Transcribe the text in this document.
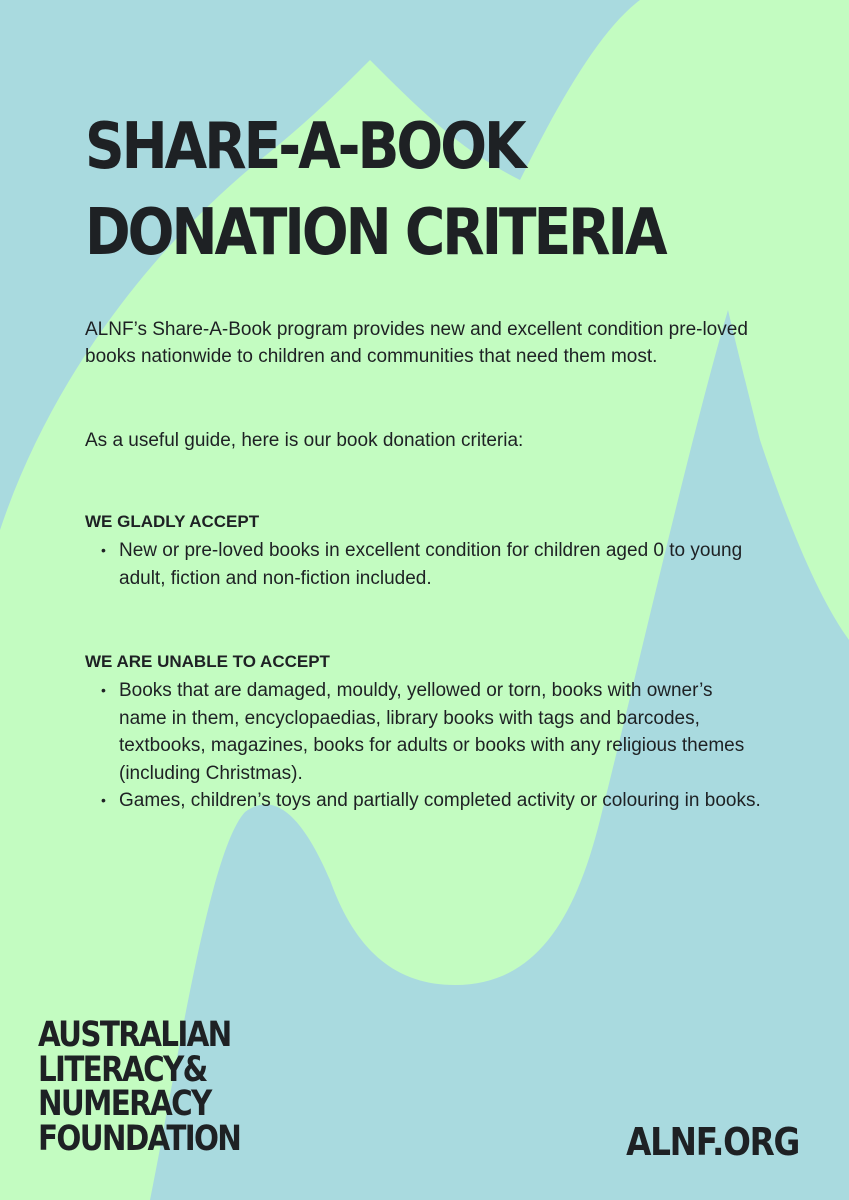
SHARE-A-BOOK
DONATION CRITERIA

ALNF’s Share-A-Book program provides new and excellent condition pre-loved books nationwide to children and communities that need them most.

As a useful guide, here is our book donation criteria:

WE GLADLY ACCEPT
• New or pre-loved books in excellent condition for children aged 0 to young adult, fiction and non-fiction included.
WE ARE UNABLE TO ACCEPT
• Books that are damaged, mouldy, yellowed or torn, books with owner’s name in them, encyclopaedias, library books with tags and barcodes, textbooks, magazines, books for adults or books with any religious themes (including Christmas).
• Games, children’s toys and partially completed activity or colouring in books.
AUSTRALIAN
LITERACY&
NUMERACY
FOUNDATION	ALNF.ORG
